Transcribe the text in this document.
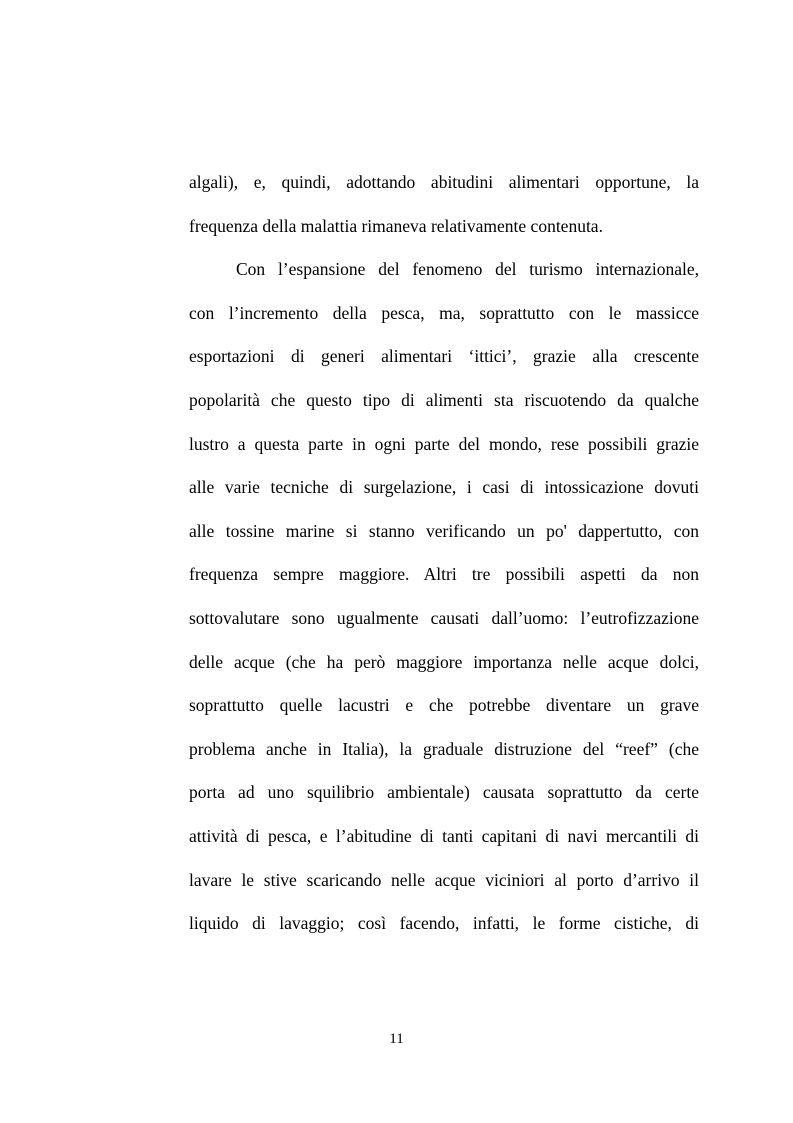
algali), e, quindi, adottando abitudini alimentari opportune, la
frequenza della malattia rimaneva relativamente contenuta.
Con l’espansione del fenomeno del turismo internazionale,
con l’incremento della pesca, ma, soprattutto con le massicce
esportazioni di generi alimentari ‘ittici’, grazie alla crescente
popolarità che questo tipo di alimenti sta riscuotendo da qualche
lustro a questa parte in ogni parte del mondo, rese possibili grazie
alle varie tecniche di surgelazione, i casi di intossicazione dovuti
alle tossine marine si stanno verificando un po' dappertutto, con
frequenza sempre maggiore. Altri tre possibili aspetti da non
sottovalutare sono ugualmente causati dall’uomo: l’eutrofizzazione
delle acque (che ha però maggiore importanza nelle acque dolci,
soprattutto quelle lacustri e che potrebbe diventare un grave
problema anche in Italia), la graduale distruzione del “reef” (che
porta ad uno squilibrio ambientale) causata soprattutto da certe
attività di pesca, e l’abitudine di tanti capitani di navi mercantili di
lavare le stive scaricando nelle acque viciniori al porto d’arrivo il
liquido di lavaggio; così facendo, infatti, le forme cistiche, di
11
